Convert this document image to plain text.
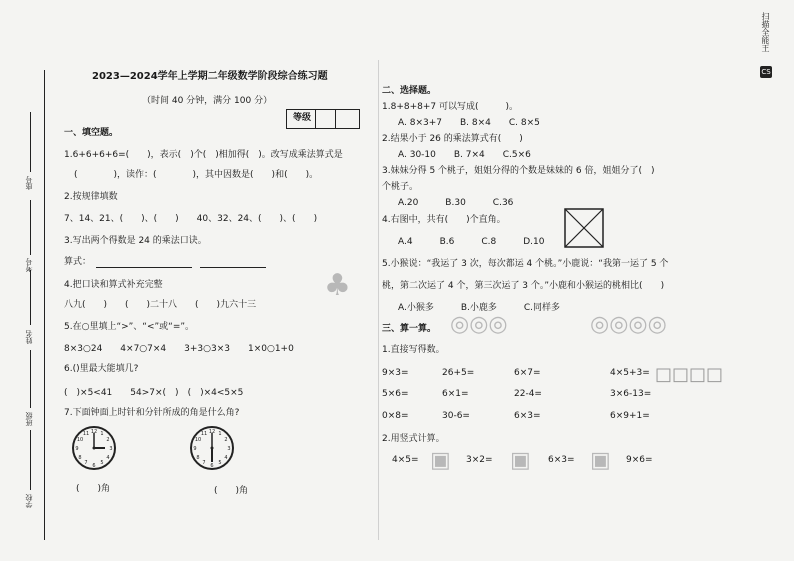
座号
考号
姓名
班级
学校
2023—2024学年上学期二年级数学阶段综合练习题
（时间 40 分钟，满分 100 分）
等级
一、填空题。
1.6+6+6+6=(　　)，表示(　)个(　)相加得(　)。改写成乘法算式是
(　　　　)，读作：(　　　　)，其中因数是(　　)和(　　)。
2.按规律填数
7、14、21、(　　)、(　　)　　40、32、24、(　　)、(　　)
3.写出两个得数是 24 的乘法口诀。
算式：
4.把口诀和算式补充完整
八九(　　)　　(　　)二十八　　(　　)九六十三
5.在○里填上“>”、“<”或“=”。
8×3○24　　4×7○7×4　　3+3○3×3　　1×0○1+0
6.()里最大能填几?
(　)×5<41　　54>7×(　)　(　)×4<5×5
7.下面钟面上时针和分针所成的角是什么角?
12 1
2
3
4
5
6
7
8
9
10
11	12 1
2
3
4
5
6
7
8
9
10
11
(　　)角	(　　)角
二、选择题。
1.8+8+8+7 可以写成(　　　)。
A. 8×3+7　　B. 8×4　　C. 8×5
2.结果小于 26 的乘法算式有(　　)
A. 30-10　　B. 7×4　　C.5×6
3.妹妹分得 5 个桃子，姐姐分得的个数是妹妹的 6 倍，姐姐分了(　)
个桃子。
A.20　　　B.30　　　C.36
4.右图中，共有(　　)个直角。
A.4　　　B.6　　　C.8　　　D.10
5.小猴说：“我运了 3 次，每次都运 4 个桃。”小鹿说：“我第一运了 5 个
桃，第二次运了 4 个，第三次运了 3 个。”小鹿和小猴运的桃相比(　　)
A.小猴多　　　B.小鹿多　　　C.同样多
三、算一算。
1.直接写得数。
9×3=	26+5=	6×7=	4×5+3=
5×6=	6×1=	22-4=	3×6-13=
0×8=	30-6=	6×3=	6×9+1=
2.用竖式计算。
4×5=	3×2=	6×3=	9×6=
♣
◎◎◎	◎◎◎◎
▣	▣	▣
□□□□
扫描全能王
CS
